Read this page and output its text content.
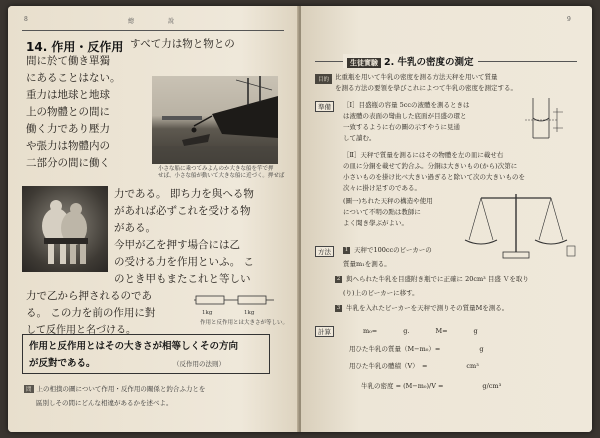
8	總　　　　說
14. 作用・反作用 すべて力は物と物との
間に於て働き單獨
にあることはない。
重力は地球と地球
上の物體との間に
働く力であり壓力
や張力は物體内の
二部分の間に働く	小さな船に乘つてみよんのか大きな船を竿で押
せば、小さな船が動いて大きな船に近づく。押せば
力である。 即ち力を與へる物
があれば必ずこれを受ける物
がある。
今甲が乙を押す場合には乙
の受ける力を作用といふ。 こ
のとき甲もまたこれと等しい
力で乙から押されるのであ
る。 この力を前の作用に對
して反作用と名づける。
1kg	1kg
作用と反作用とは大きさが等しい。
作用と反作用とはその大きさが相等しくその方向
が反對である。	（反作用の法則）
問 上の相撲の圖について作用・反作用の關係と釣合ふ力とを
區別しその間にどんな相違があるかを述べよ。
9
生徒實驗 2. 牛乳の密度の測定
目的 比重瓶を用いて牛乳の密度を測る方法天秤を用いて質量
を測る方法の要領を學びこれによつて牛乳の密度を測定する。
準備	［Ⅰ］目盛瓶の容量 5ccの液體を測るときは
は液體の表面の彎曲した底面が目盛の環と
一致するように右の圖の示すやうに見通
して讀む。
［Ⅱ］天秤で質量を測るにはその物體を左の皿に載せ右
の皿に分銅を載せて釣合ふ。分銅は大きいもの(から)次第に
小さいものを掛け比べ大きい過ぎると除いて次の大きいものを
次々に掛け足すのである。
(圖一)ちれた天秤の構造や使用
について不明の點は教師に
よく聞き學ぶがよい。
方法	1 天秤で100ccのビーカーの
質量m₁を測る。
2 與へられた牛乳を目盛附き瓶でに正確に 20cm³ 目盛 Ｖを取り
(り)上のビーカーに移す。
3 牛乳を入れたビーカーを天秤で測りその質量Mを測る。
計算	m₀=　　　　g.　　　　M=　　　　g
用ひた牛乳の質量（M−m₀）=　　　　　　g
用ひた牛乳の體積（V）　=　　　　　　cm³
牛乳の密度 = (M−m₀)/V =　　　　　　g/cm³
